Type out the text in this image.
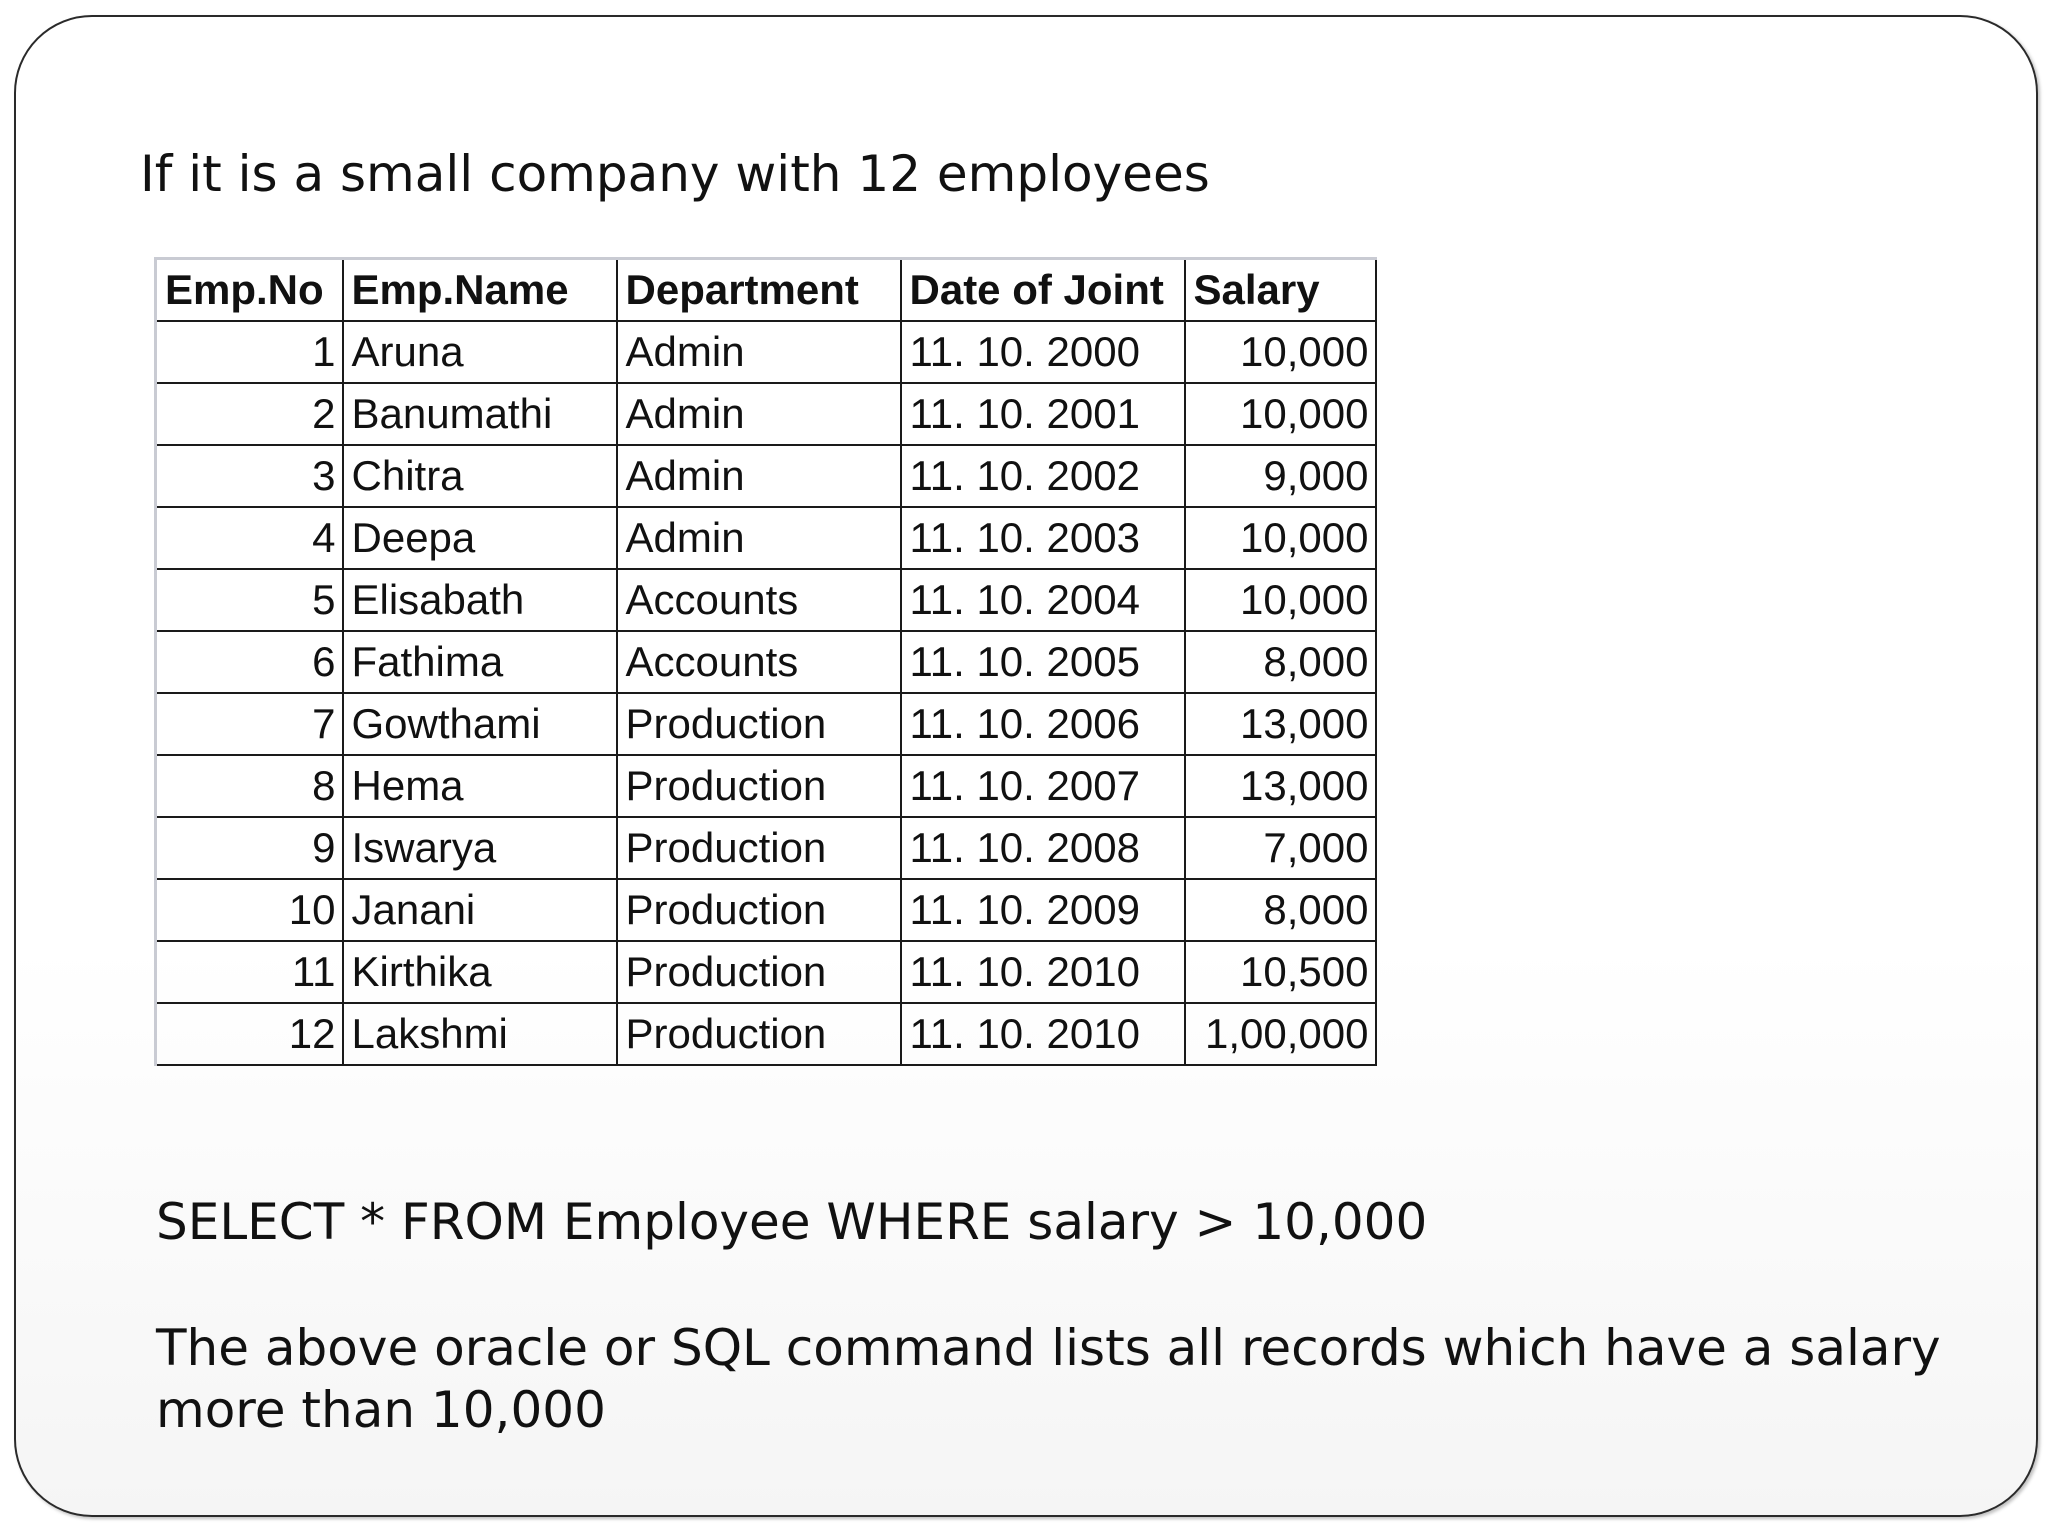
If it is a small company with 12 employees
Emp.No	Emp.Name	Department	Date of Joint	Salary
1	Aruna	Admin	11. 10. 2000	10,000
2	Banumathi	Admin	11. 10. 2001	10,000
3	Chitra	Admin	11. 10. 2002	9,000
4	Deepa	Admin	11. 10. 2003	10,000
5	Elisabath	Accounts	11. 10. 2004	10,000
6	Fathima	Accounts	11. 10. 2005	8,000
7	Gowthami	Production	11. 10. 2006	13,000
8	Hema	Production	11. 10. 2007	13,000
9	Iswarya	Production	11. 10. 2008	7,000
10	Janani	Production	11. 10. 2009	8,000
11	Kirthika	Production	11. 10. 2010	10,500
12	Lakshmi	Production	11. 10. 2010	1,00,000
SELECT * FROM Employee WHERE salary > 10,000
The above oracle or SQL command lists all records which have a salary more than 10,000
